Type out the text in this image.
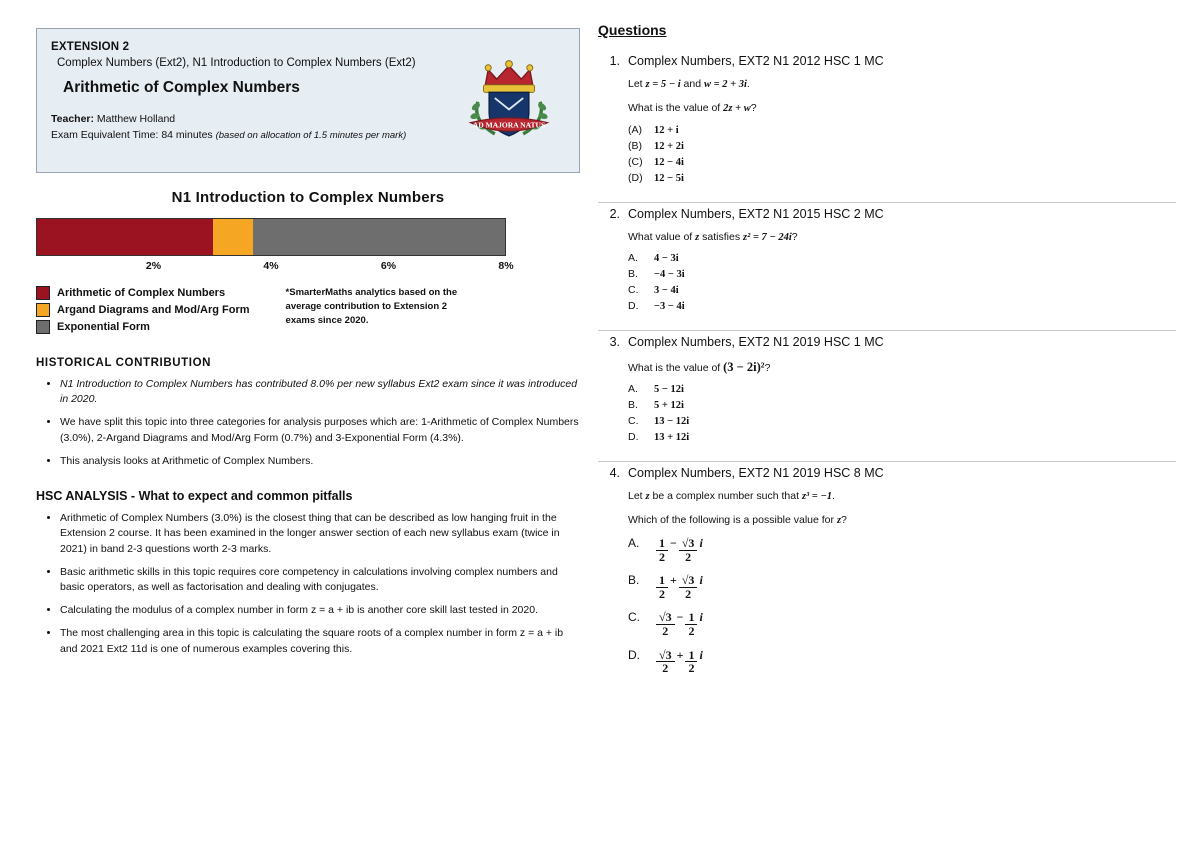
EXTENSION 2
Complex Numbers (Ext2), N1 Introduction to Complex Numbers (Ext2)
Arithmetic of Complex Numbers
Teacher: Matthew Holland
Exam Equivalent Time: 84 minutes (based on allocation of 1.5 minutes per mark)
AD MAJORA NATUS
N1 Introduction to Complex Numbers
2%	4%	6%	8%
Arithmetic of Complex Numbers
Argand Diagrams and Mod/Arg Form
Exponential Form
*SmarterMaths analytics based on the average contribution to Extension 2 exams since 2020.
HISTORICAL CONTRIBUTION
• N1 Introduction to Complex Numbers has contributed 8.0% per new syllabus Ext2 exam since it was introduced in 2020.
• We have split this topic into three categories for analysis purposes which are: 1-Arithmetic of Complex Numbers (3.0%), 2-Argand Diagrams and Mod/Arg Form (0.7%) and 3-Exponential Form (4.3%).
• This analysis looks at Arithmetic of Complex Numbers.
HSC ANALYSIS - What to expect and common pitfalls
• Arithmetic of Complex Numbers (3.0%) is the closest thing that can be described as low hanging fruit in the Extension 2 course. It has been examined in the longer answer section of each new syllabus exam (twice in 2021) in band 2-3 questions worth 2-3 marks.
• Basic arithmetic skills in this topic requires core competency in calculations involving complex numbers and basic operators, as well as factorisation and dealing with conjugates.
• Calculating the modulus of a complex number in form z = a + ib is another core skill last tested in 2020.
• The most challenging area in this topic is calculating the square roots of a complex number in form z = a + ib and 2021 Ext2 11d is one of numerous examples covering this.
Questions
1. Complex Numbers, EXT2 N1 2012 HSC 1 MC
Let z = 5 − i and w = 2 + 3i.
What is the value of 2z + w?
(A)	12 + i
(B)	12 + 2i
(C)	12 − 4i
(D)	12 − 5i
2. Complex Numbers, EXT2 N1 2015 HSC 2 MC
What value of z satisfies z² = 7 − 24i?
A.	4 − 3i
B.	−4 − 3i
C.	3 − 4i
D.	−3 − 4i
3. Complex Numbers, EXT2 N1 2019 HSC 1 MC
What is the value of (3 − 2i)²?
A.	5 − 12i
B.	5 + 12i
C.	13 − 12i
D.	13 + 12i
4. Complex Numbers, EXT2 N1 2019 HSC 8 MC
Let z be a complex number such that z³ = −1.
Which of the following is a possible value for z?
A.	$\frac{1}{2} - \frac{√3}{2}$ i
B.	$\frac{1}{2} + \frac{√3}{2}$ i
C.	$\frac{√3}{2} - \frac{1}{2}$ i
D.	$\frac{√3}{2} + \frac{1}{2}$ i
